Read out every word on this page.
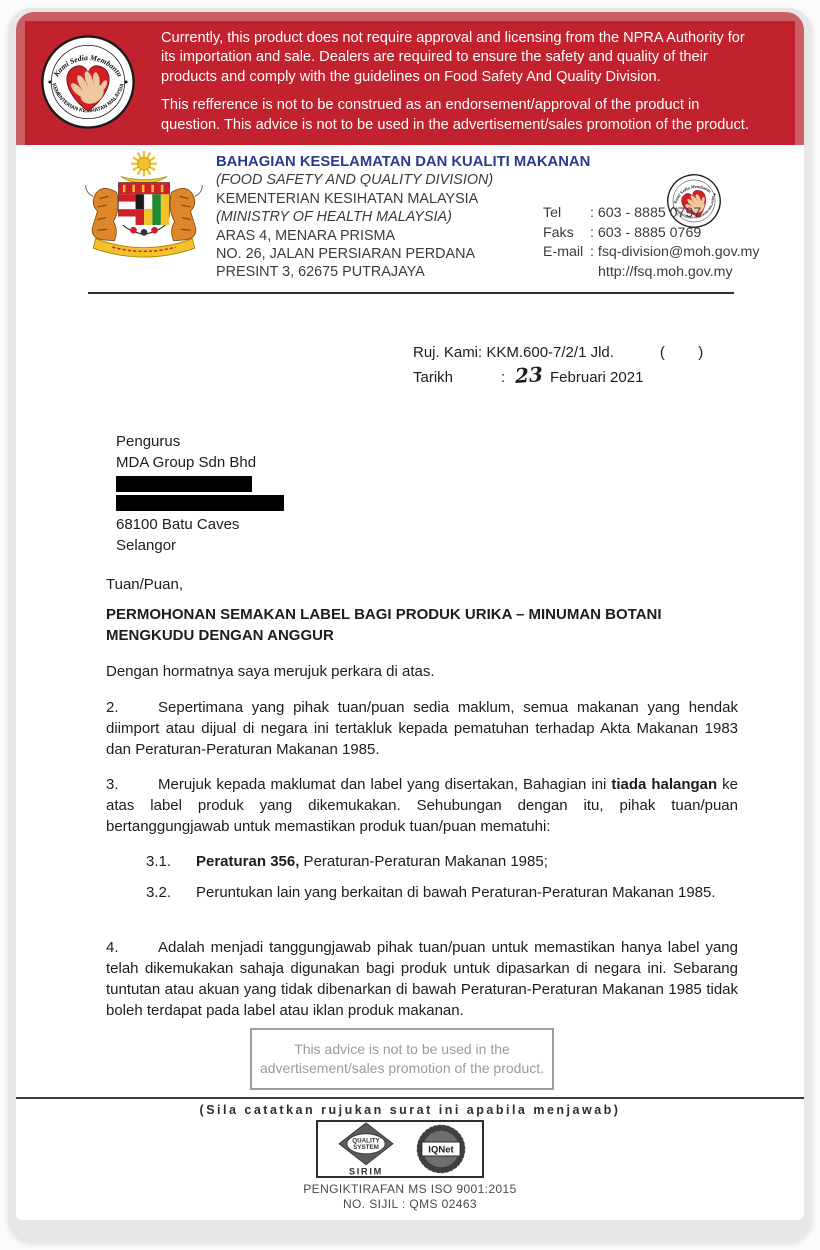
Currently, this product does not require approval and licensing from the NPRA Authority for its importation and sale. Dealers are required to ensure the safety and quality of their products and comply with the guidelines on Food Safety And Quality Division.

This refference is not to be construed as an endorsement/approval of the product in question. This advice is not to be used in the advertisement/sales promotion of the product.

BAHAGIAN KESELAMATAN DAN KUALITI MAKANAN
(FOOD SAFETY AND QUALITY DIVISION)
KEMENTERIAN KESIHATAN MALAYSIA
(MINISTRY OF HEALTH MALAYSIA)
ARAS 4, MENARA PRISMA
NO. 26, JALAN PERSIARAN PERDANA
PRESINT 3, 62675 PUTRAJAYA
Tel	: 603 - 8885 0797
Faks	: 603 - 8885 0769
E-mail : fsq-division@moh.gov.my
http://fsq.moh.gov.my
Ruj. Kami: KKM.600-7/2/1 Jld.	(        )
Tarikh	: 23 Februari 2021
Pengurus
MDA Group Sdn Bhd
68100 Batu Caves
Selangor
Tuan/Puan,
PERMOHONAN SEMAKAN LABEL BAGI PRODUK URIKA – MINUMAN BOTANI MENGKUDU DENGAN ANGGUR
Dengan hormatnya saya merujuk perkara di atas.
2.	Sepertimana yang pihak tuan/puan sedia maklum, semua makanan yang hendak diimport atau dijual di negara ini tertakluk kepada pematuhan terhadap Akta Makanan 1983 dan Peraturan-Peraturan Makanan 1985.
3.	Merujuk kepada maklumat dan label yang disertakan, Bahagian ini tiada halangan ke atas label produk yang dikemukakan. Sehubungan dengan itu, pihak tuan/puan bertanggungjawab untuk memastikan produk tuan/puan mematuhi:
3.1. Peraturan 356, Peraturan-Peraturan Makanan 1985;
3.2. Peruntukan lain yang berkaitan di bawah Peraturan-Peraturan Makanan 1985.
4.	Adalah menjadi tanggungjawab pihak tuan/puan untuk memastikan hanya label yang telah dikemukakan sahaja digunakan bagi produk untuk dipasarkan di negara ini. Sebarang tuntutan atau akuan yang tidak dibenarkan di bawah Peraturan-Peraturan Makanan 1985 tidak boleh terdapat pada label atau iklan produk makanan.
This advice is not to be used in the advertisement/sales promotion of the product.
(Sila catatkan rujukan surat ini apabila menjawab)
QUALITY
SYSTEM
SIRIM
IQNet
PENGIKTIRAFAN MS ISO 9001:2015
NO. SIJIL : QMS 02463
